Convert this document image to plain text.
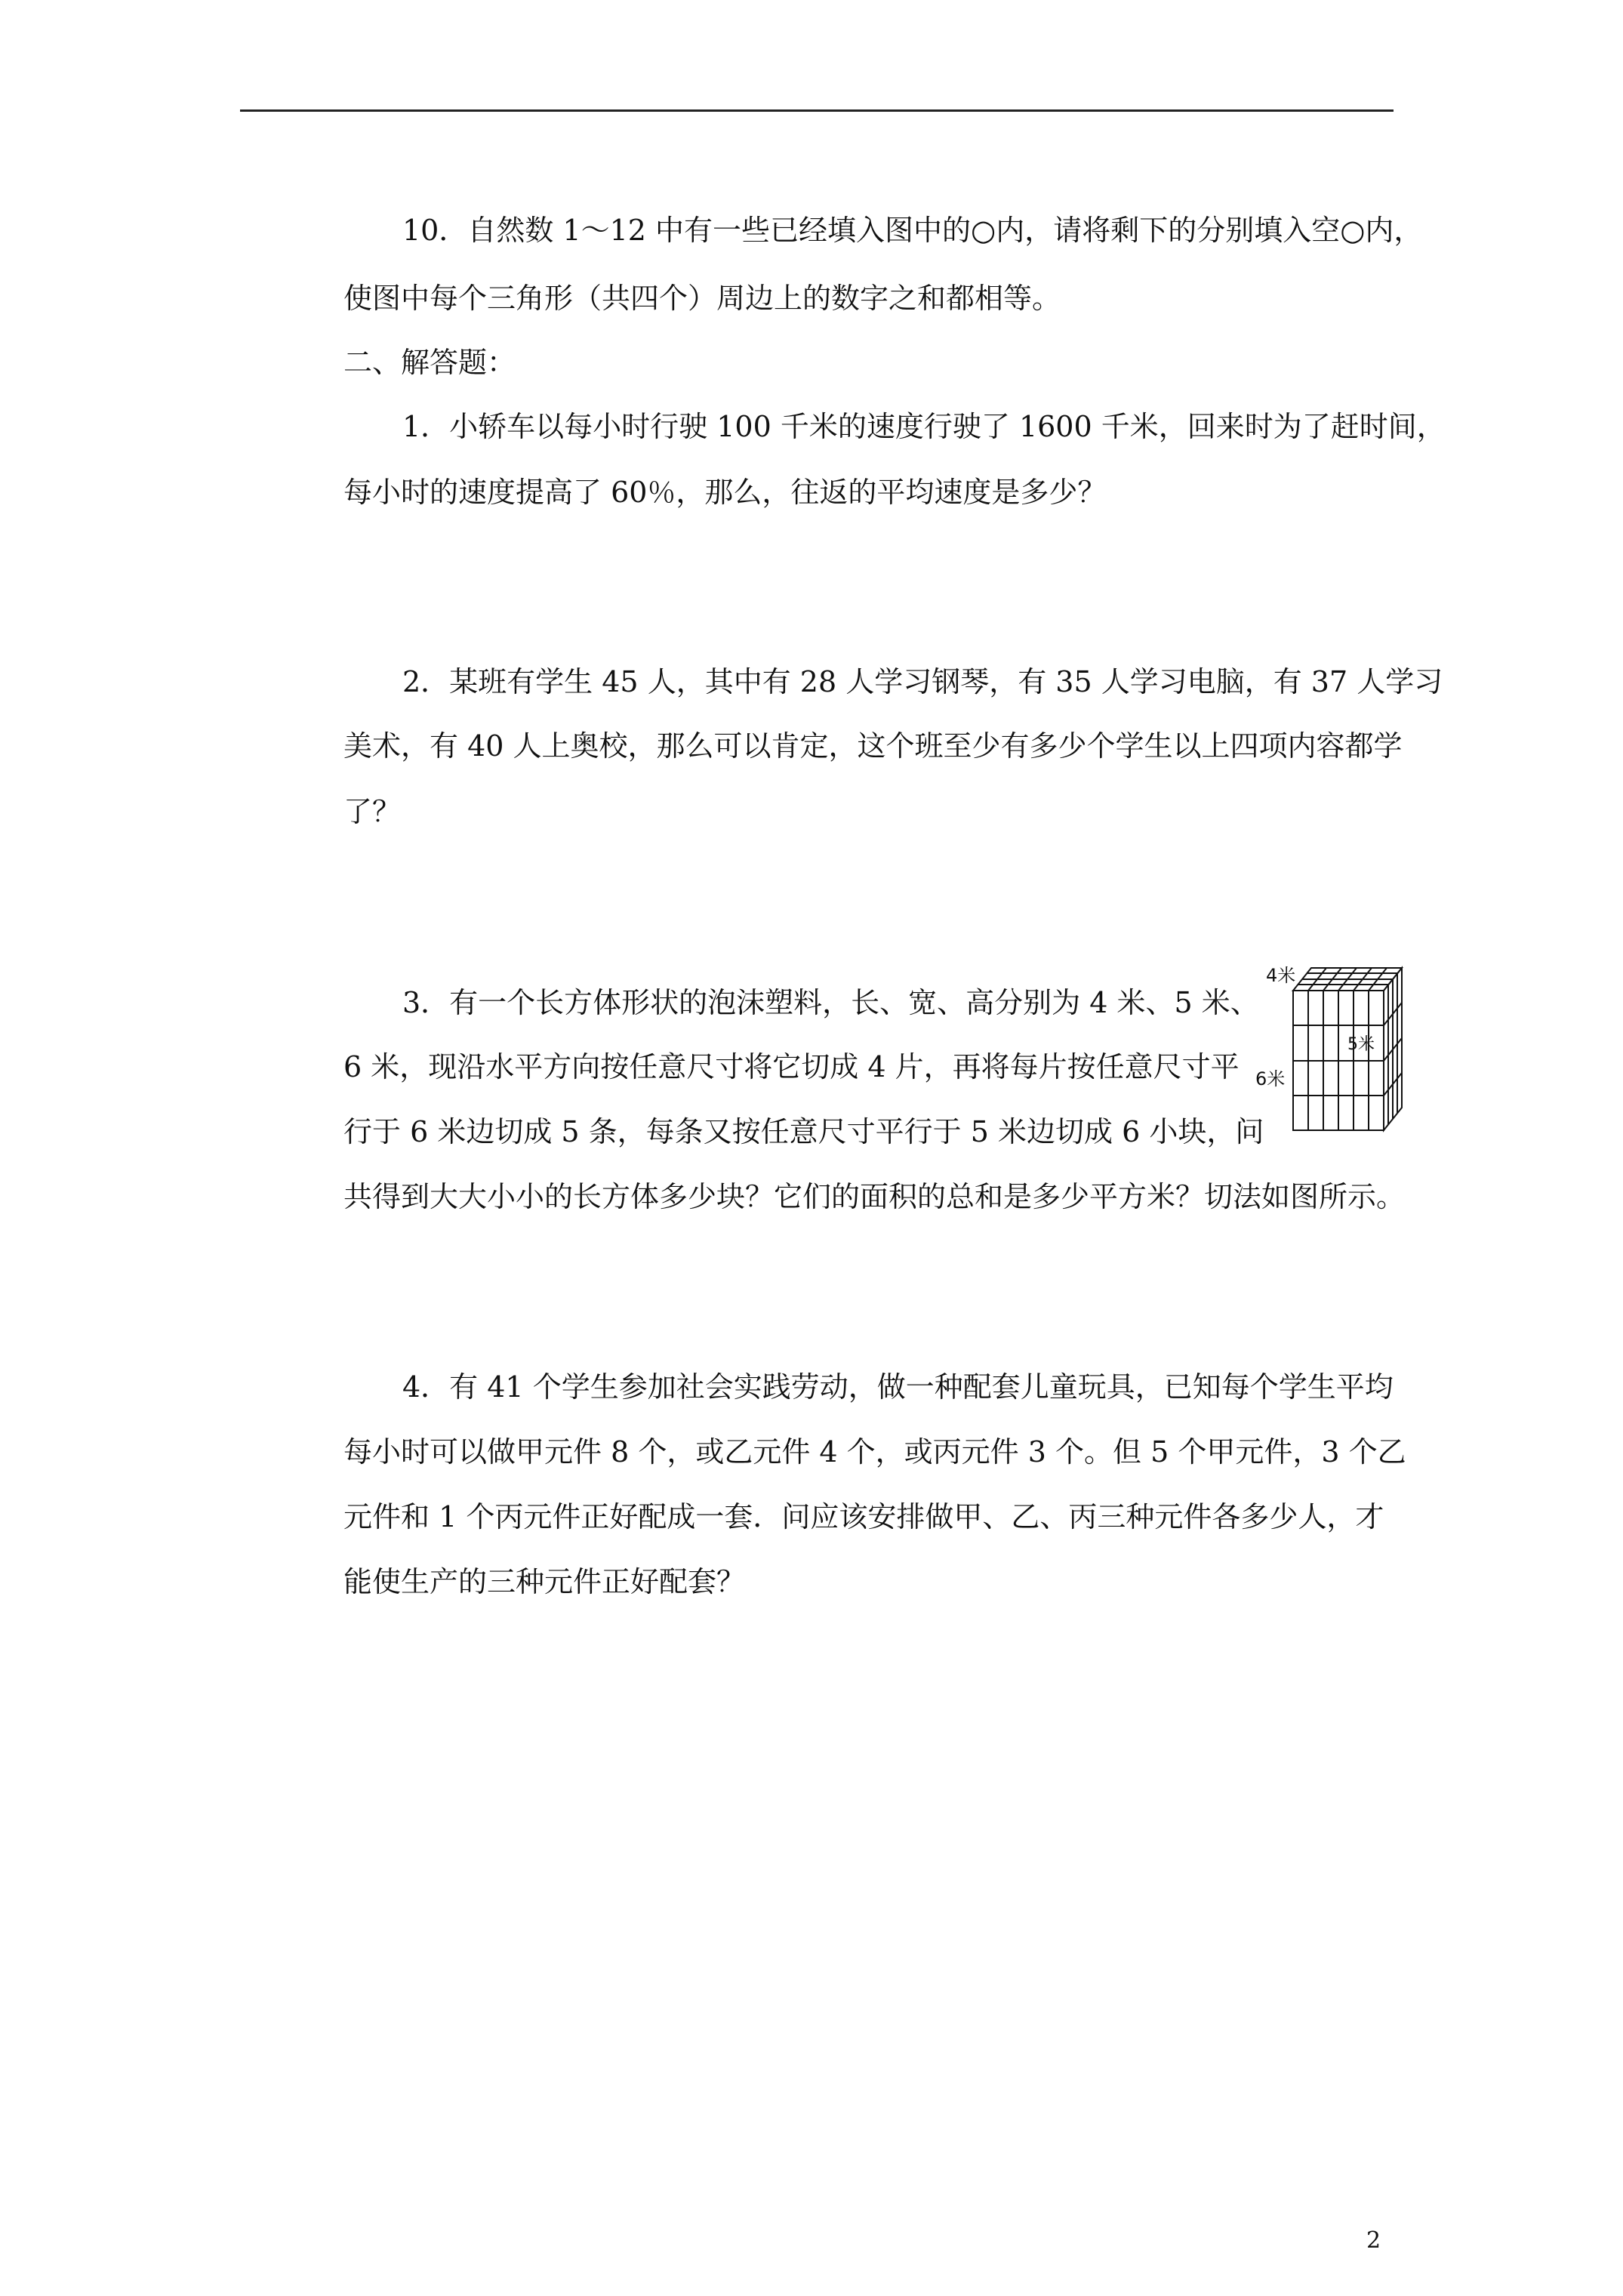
10．自然数 1～12 中有一些已经填入图中的○内，请将剩下的分别填入空○内，

使图中每个三角形（共四个）周边上的数字之和都相等。

二、解答题：

1．小轿车以每小时行驶 100 千米的速度行驶了 1600 千米，回来时为了赶时间，

每小时的速度提高了 60％，那么，往返的平均速度是多少？

2．某班有学生 45 人，其中有 28 人学习钢琴，有 35 人学习电脑，有 37 人学习

美术，有 40 人上奥校，那么可以肯定，这个班至少有多少个学生以上四项内容都学

了？

3．有一个长方体形状的泡沫塑料，长、宽、高分别为 4 米、5 米、

6 米，现沿水平方向按任意尺寸将它切成 4 片，再将每片按任意尺寸平

行于 6 米边切成 5 条，每条又按任意尺寸平行于 5 米边切成 6 小块，问

共得到大大小小的长方体多少块？它们的面积的总和是多少平方米？切法如图所示。

4米
5米
6米

4．有 41 个学生参加社会实践劳动，做一种配套儿童玩具，已知每个学生平均

每小时可以做甲元件 8 个，或乙元件 4 个，或丙元件 3 个。但 5 个甲元件，3 个乙

元件和 1 个丙元件正好配成一套．问应该安排做甲、乙、丙三种元件各多少人，才

能使生产的三种元件正好配套？

2
